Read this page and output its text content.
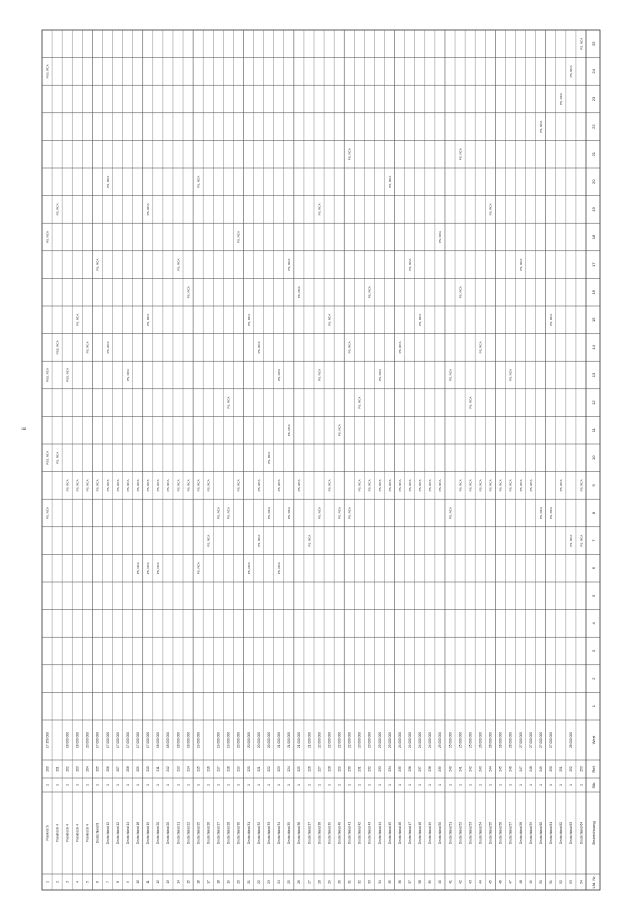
Lfd. Nr.
Bezeichnung
Stk.
Ref.
Wert
1
2
3
4
5
6
7
8
9
10
11
12
13
14
15
16
17
18
19
20
21
22
23
24
25
1
Frankreich
1
200
17 350 000
PS, RCA
PSS, RCA
PSS, RCA
PS, RCA
PSS, RCA
2
Frankreich 4
1
201
PS, RCA
PSS, RCA
PS, RCA
3
Frankreich 4
1
202
18 000 000
PS, RCA
PSS, RCA
4
Frankreich 4
1
203
18 000 000
PS, RCA
PS, RCA
5
Frankreich 4
1
204
20 000 000
PS, RCA
PS, RCA
6
Deutschland 8
1
205
17 000 000
PS, RCA
PS, RCA
7
Deutschland 12
1
206
17 000 000
PS, RCA
PS, RCA
PS, RCA
8
Deutschland 12
1
207
17 000 000
PS, RCA
9
Deutschland 14
1
208
17 000 000
PS, RCA
PS, RCA
10
Deutschland 18
1
209
17 000 000
PS, RCA
PS, RCA
11
Deutschland 19
1
210
17 000 000
PS, RCA
PS, RCA
PS, RCA
PS, RCA
12
Deutschland 20
1
211
18 000 000
PS, RCA
PS, RCA
13
Deutschland 20
1
212
18 000 000
PS, RCA
14
Deutschland 21
1
213
18 000 000
PS, RCA
PS, RCA
15
Deutschland 22
1
214
18 000 000
PS, RCA
PS, RCA
16
Deutschland 25
1
215
19 000 000
PS, RCA
PS, RCA
PS, RCA
17
Deutschland 26
1
216
PS, RCA
PS, RCA
18
Deutschland 27
1
217
19 000 000
PS, RCA
19
Deutschland 28
1
218
19 000 000
PS, RCA
PS, RCA
20
Deutschland 30
1
219
20 000 000
PS, RCA
PS, RCA
21
Deutschland 31
1
220
20 000 000
PS, RCA
PS, RCA
22
Deutschland 32
1
221
20 000 000
PS, RCA
PS, RCA
PS, RCA
23
Deutschland 33
1
222
20 000 000
PS, RCA
PS, RCA
24
Deutschland 34
1
223
21 000 000
PS, RCA
PS, RCA
PS, RCA
25
Deutschland 35
1
224
21 000 000
PS, RCA
PS, RCA
PS, RCA
26
Deutschland 36
1
225
21 000 000
PS, RCA
PS, RCA
27
Deutschland 37
1
226
21 000 000
PS, RCA
28
Deutschland 38
1
227
22 000 000
PS, RCA
PS, RCA
PS, RCA
29
Deutschland 39
1
228
22 000 000
PS, RCA
PS, RCA
30
Deutschland 40
1
229
22 000 000
PS, RCA
PS, RCA
31
Deutschland 41
1
230
22 000 000
PS, RCA
PS, RCA
PS, RCA
32
Deutschland 42
1
231
23 000 000
PS, RCA
PS, RCA
33
Deutschland 43
1
232
23 000 000
PS, RCA
PS, RCA
34
Deutschland 44
1
233
23 000 000
PS, RCA
PS, RCA
35
Deutschland 45
1
234
23 000 000
PS, RCA
PS, RCA
36
Deutschland 46
1
235
24 000 000
PS, RCA
PS, RCA
37
Deutschland 47
1
236
24 000 000
PS, RCA
PS, RCA
38
Deutschland 48
1
237
24 000 000
PS, RCA
PS, RCA
39
Deutschland 49
1
238
24 000 000
PS, RCA
40
Deutschland 50
1
239
25 000 000
PS, RCA
PS, RCA
41
Deutschland 51
1
240
25 000 000
PS, RCA
PS, RCA
42
Deutschland 52
1
241
25 000 000
PS, RCA
PS, RCA
PS, RCA
43
Deutschland 53
1
242
25 000 000
PS, RCA
PS, RCA
44
Deutschland 54
1
243
26 000 000
PS, RCA
PS, RCA
45
Deutschland 55
1
244
26 000 000
PS, RCA
PS, RCA
46
Deutschland 56
1
245
26 000 000
PS, RCA
47
Deutschland 57
1
246
26 000 000
PS, RCA
PS, RCA
48
Deutschland 58
1
247
27 000 000
PS, RCA
PS, RCA
49
Deutschland 59
1
248
27 000 000
PS, RCA
50
Deutschland 60
1
249
27 000 000
PS, RCA
PS, RCA
51
Deutschland 61
1
250
27 000 000
PS, RCA
PS, RCA
52
Deutschland 62
1
251
PS, RCA
PS, RCA
53
Deutschland 63
1
252
28 000 000
PS, RCA
PS, RCA
54
Deutschland 64
1
253
PS, RCA
PS, RCA
PS, RCA
ii
